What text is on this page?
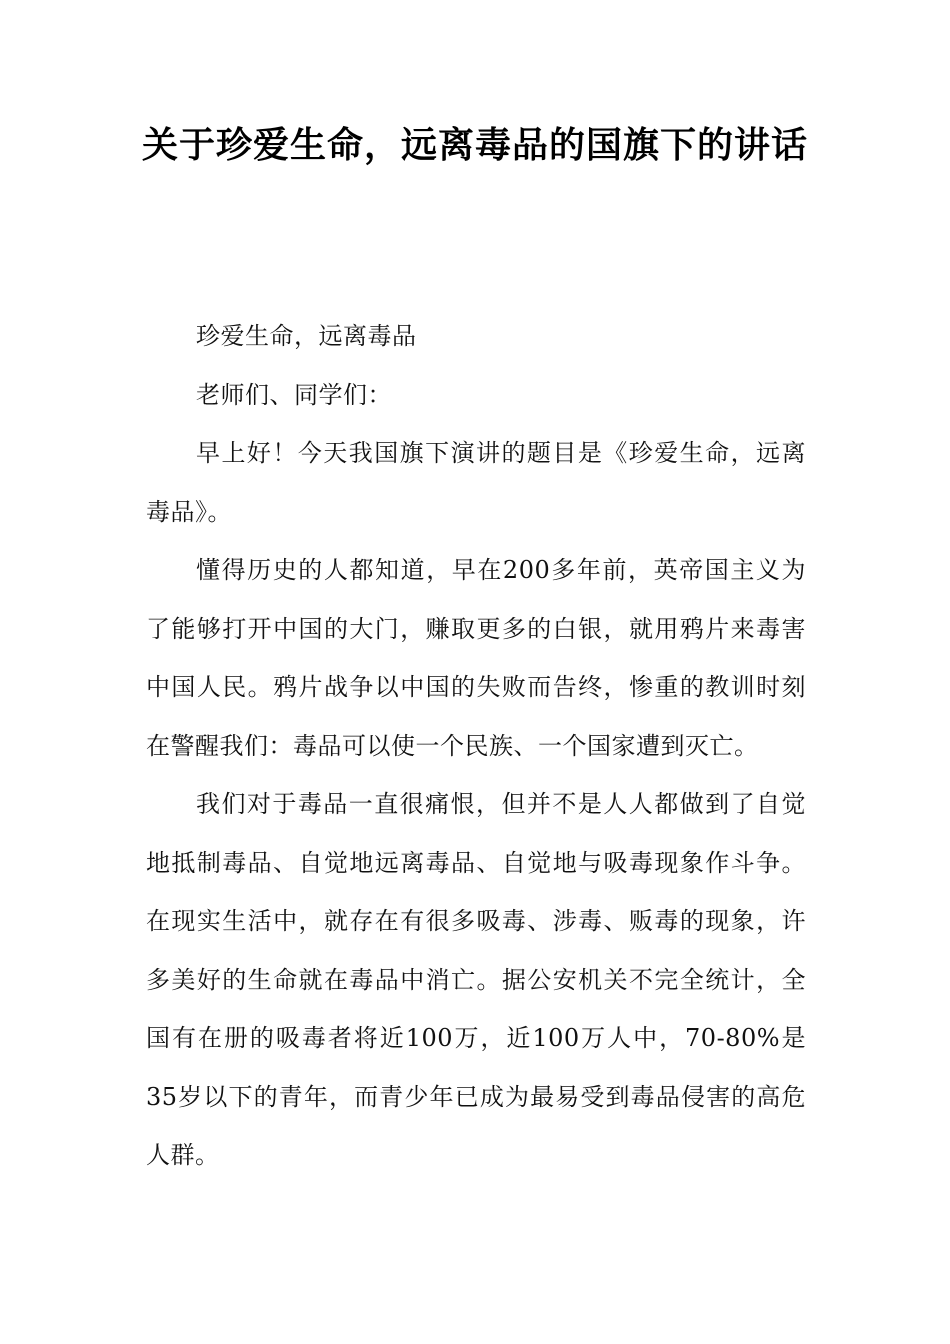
关于珍爱生命，远离毒品的国旗下的讲话

珍爱生命，远离毒品

老师们、同学们：

早上好！今天我国旗下演讲的题目是《珍爱生命，远离毒品》。

懂得历史的人都知道，早在200多年前，英帝国主义为了能够打开中国的大门，赚取更多的白银，就用鸦片来毒害中国人民。鸦片战争以中国的失败而告终，惨重的教训时刻在警醒我们：毒品可以使一个民族、一个国家遭到灭亡。

我们对于毒品一直很痛恨，但并不是人人都做到了自觉地抵制毒品、自觉地远离毒品、自觉地与吸毒现象作斗争。在现实生活中，就存在有很多吸毒、涉毒、贩毒的现象，许多美好的生命就在毒品中消亡。据公安机关不完全统计，全国有在册的吸毒者将近100万，近100万人中，70-80%是35岁以下的青年，而青少年已成为最易受到毒品侵害的高危人群。
